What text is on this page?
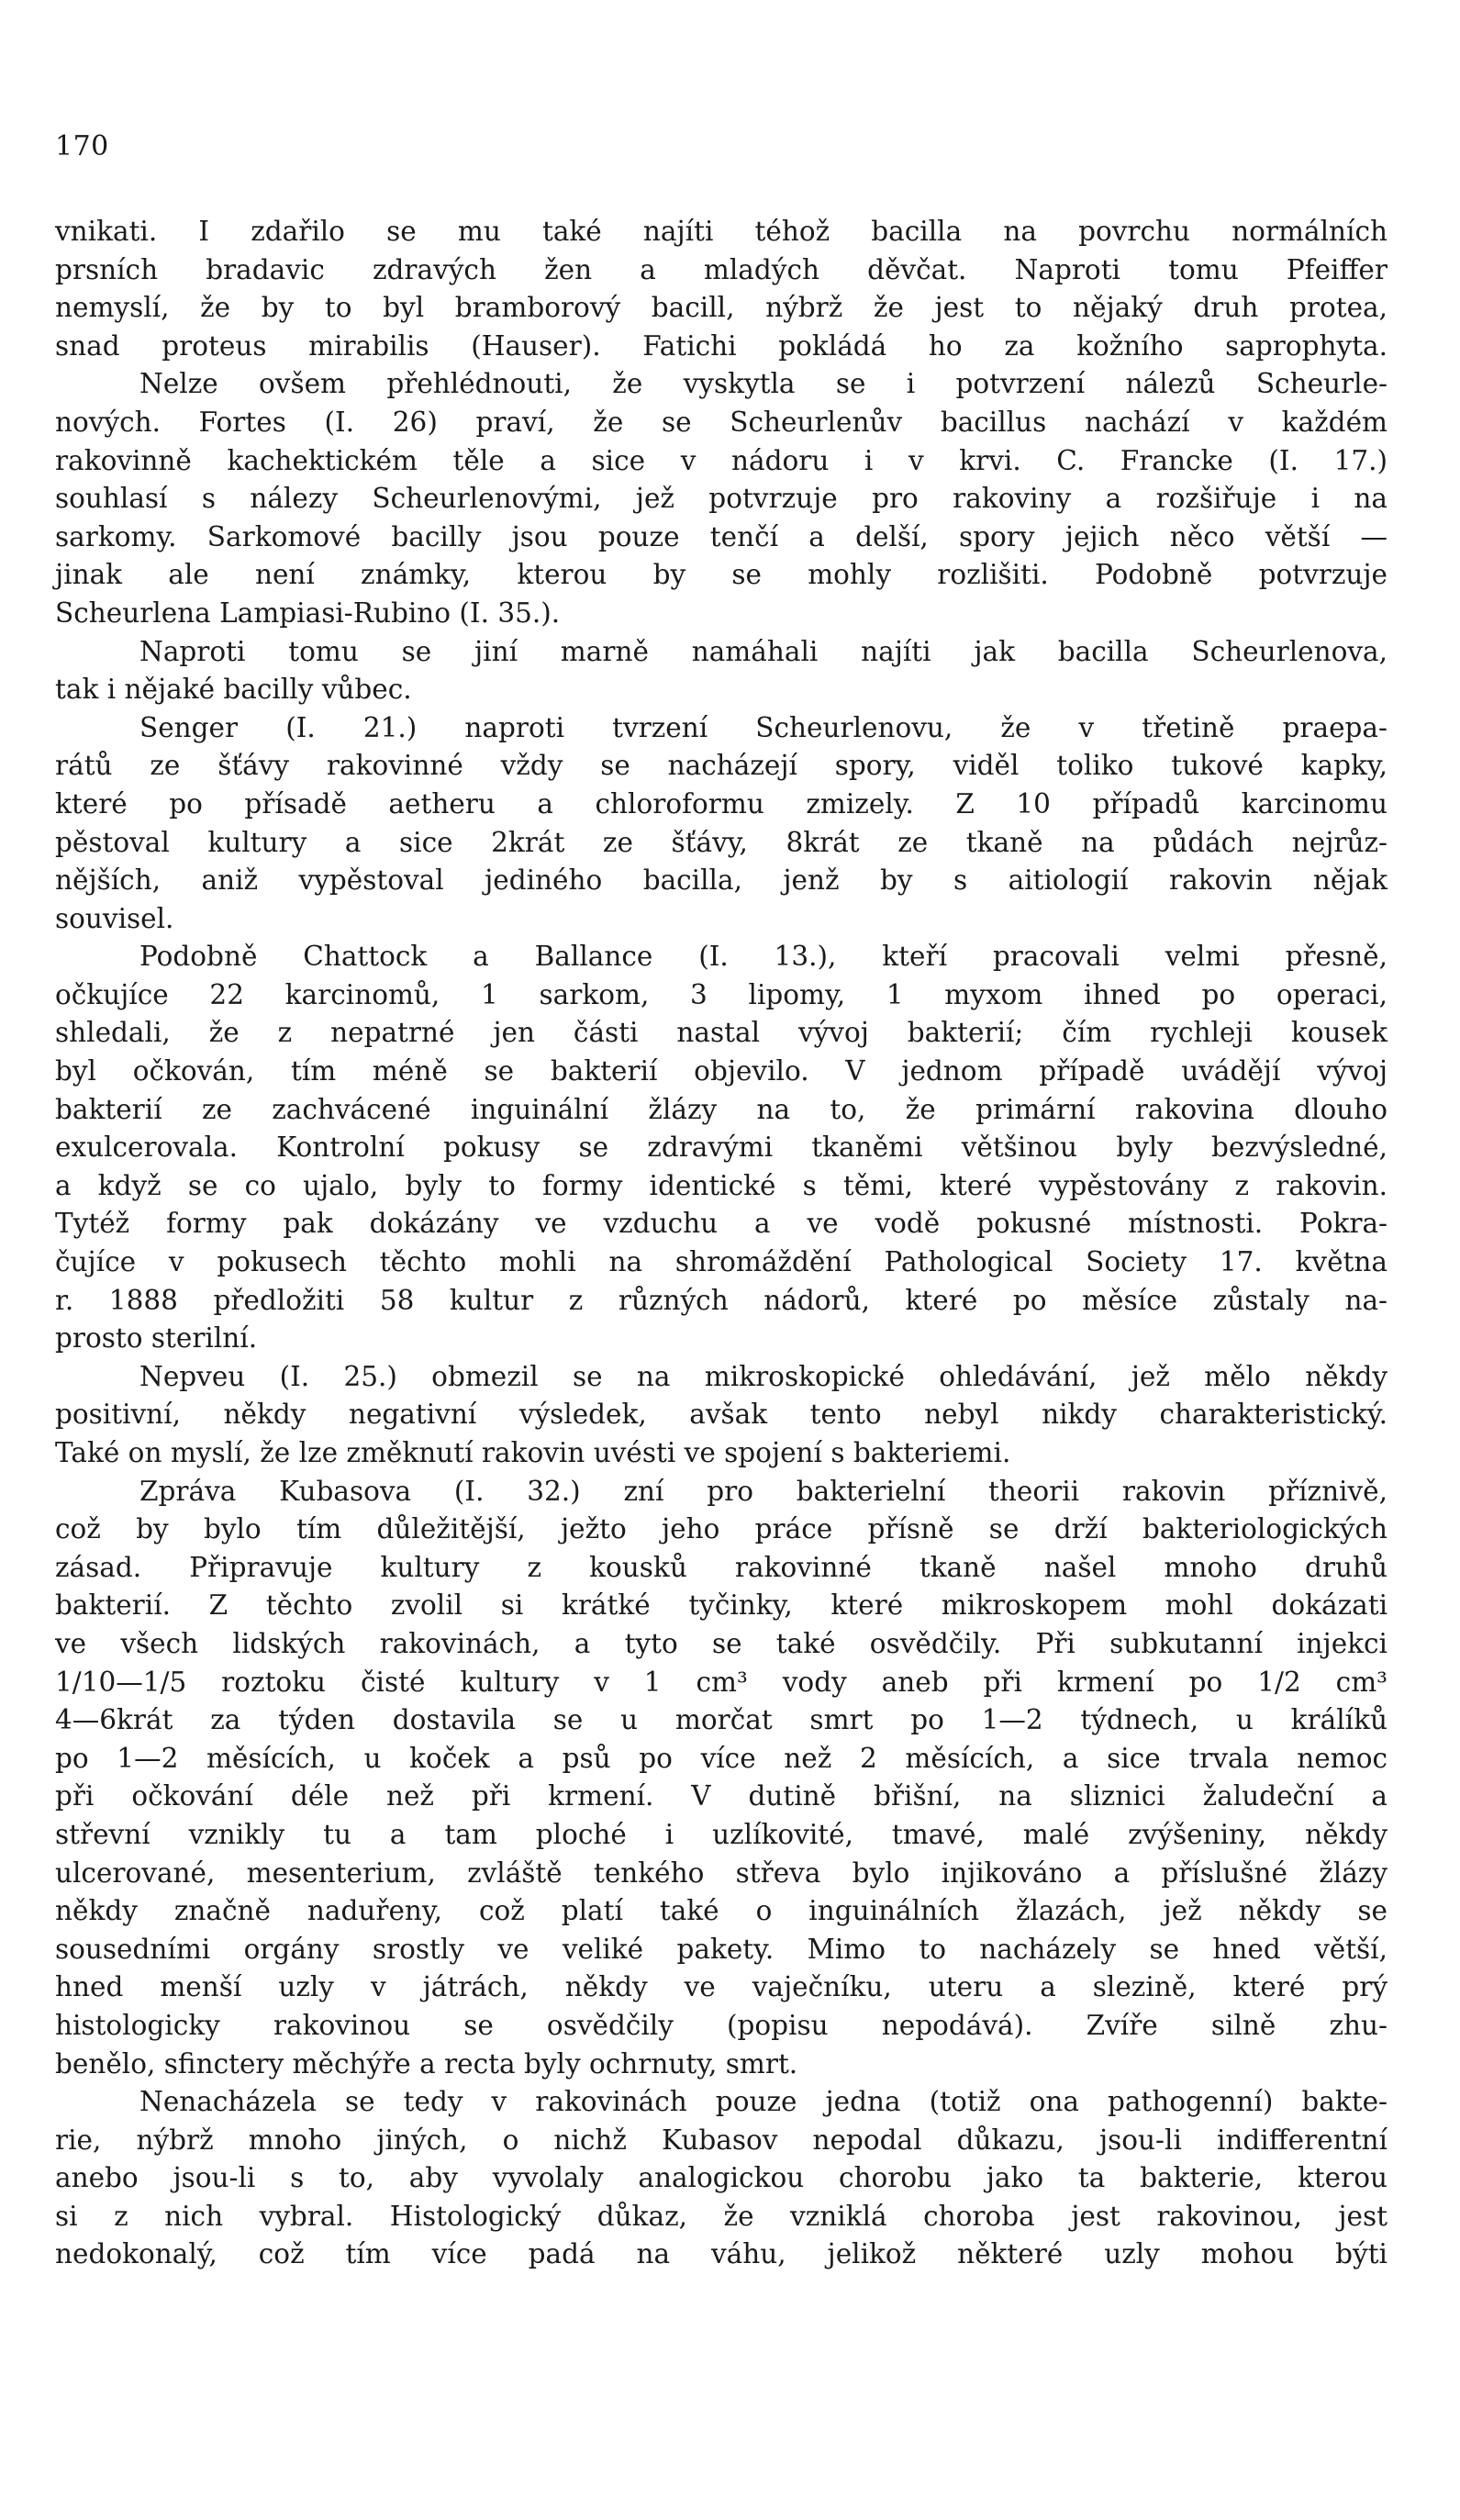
170
vnikati. I zdařilo se mu také najíti téhož bacilla na povrchu normálních
prsních bradavic zdravých žen a mladých děvčat. Naproti tomu Pfeiffer
nemyslí, že by to byl bramborový bacill, nýbrž že jest to nějaký druh protea,
snad proteus mirabilis (Hauser). Fatichi pokládá ho za kožního saprophyta.
Nelze ovšem přehlédnouti, že vyskytla se i potvrzení nálezů Scheurle-
nových. Fortes (I. 26) praví, že se Scheurlenův bacillus nachází v každém
rakovinně kachektickém těle a sice v nádoru i v krvi. C. Francke (I. 17.)
souhlasí s nálezy Scheurlenovými, jež potvrzuje pro rakoviny a rozšiřuje i na
sarkomy. Sarkomové bacilly jsou pouze tenčí a delší, spory jejich něco větší —
jinak ale není známky, kterou by se mohly rozlišiti. Podobně potvrzuje
Scheurlena Lampiasi-Rubino (I. 35.).
Naproti tomu se jiní marně namáhali najíti jak bacilla Scheurlenova,
tak i nějaké bacilly vůbec.
Senger (I. 21.) naproti tvrzení Scheurlenovu, že v třetině praepa-
rátů ze šťávy rakovinné vždy se nacházejí spory, viděl toliko tukové kapky,
které po přísadě aetheru a chloroformu zmizely. Z 10 případů karcinomu
pěstoval kultury a sice 2krát ze šťávy, 8krát ze tkaně na půdách nejrůz-
nějších, aniž vypěstoval jediného bacilla, jenž by s aitiologií rakovin nějak
souvisel.
Podobně Chattock a Ballance (I. 13.), kteří pracovali velmi přesně,
očkujíce 22 karcinomů, 1 sarkom, 3 lipomy, 1 myxom ihned po operaci,
shledali, že z nepatrné jen části nastal vývoj bakterií; čím rychleji kousek
byl očkován, tím méně se bakterií objevilo. V jednom případě uvádějí vývoj
bakterií ze zachvácené inguinální žlázy na to, že primární rakovina dlouho
exulcerovala. Kontrolní pokusy se zdravými tkaněmi většinou byly bezvýsledné,
a když se co ujalo, byly to formy identické s těmi, které vypěstovány z rakovin.
Tytéž formy pak dokázány ve vzduchu a ve vodě pokusné místnosti. Pokra-
čujíce v pokusech těchto mohli na shromáždění Pathological Society 17. května
r. 1888 předložiti 58 kultur z různých nádorů, které po měsíce zůstaly na-
prosto sterilní.
Nepveu (I. 25.) obmezil se na mikroskopické ohledávání, jež mělo někdy
positivní, někdy negativní výsledek, avšak tento nebyl nikdy charakteristický.
Také on myslí, že lze změknutí rakovin uvésti ve spojení s bakteriemi.
Zpráva Kubasova (I. 32.) zní pro bakterielní theorii rakovin příznivě,
což by bylo tím důležitější, ježto jeho práce přísně se drží bakteriologických
zásad. Připravuje kultury z kousků rakovinné tkaně našel mnoho druhů
bakterií. Z těchto zvolil si krátké tyčinky, které mikroskopem mohl dokázati
ve všech lidských rakovinách, a tyto se také osvědčily. Při subkutanní injekci
1/10—1/5 roztoku čisté kultury v 1 cm³ vody aneb při krmení po 1/2 cm³
4—6krát za týden dostavila se u morčat smrt po 1—2 týdnech, u králíků
po 1—2 měsících, u koček a psů po více než 2 měsících, a sice trvala nemoc
při očkování déle než při krmení. V dutině břišní, na sliznici žaludeční a
střevní vznikly tu a tam ploché i uzlíkovité, tmavé, malé zvýšeniny, někdy
ulcerované, mesenterium, zvláště tenkého střeva bylo injikováno a příslušné žlázy
někdy značně naduřeny, což platí také o inguinálních žlazách, jež někdy se
sousedními orgány srostly ve veliké pakety. Mimo to nacházely se hned větší,
hned menší uzly v játrách, někdy ve vaječníku, uteru a slezině, které prý
histologicky rakovinou se osvědčily (popisu nepodává). Zvíře silně zhu-
benělo, sfinctery měchýře a recta byly ochrnuty, smrt.
Nenacházela se tedy v rakovinách pouze jedna (totiž ona pathogenní) bakte-
rie, nýbrž mnoho jiných, o nichž Kubasov nepodal důkazu, jsou-li indifferentní
anebo jsou-li s to, aby vyvolaly analogickou chorobu jako ta bakterie, kterou
si z nich vybral. Histologický důkaz, že vzniklá choroba jest rakovinou, jest
nedokonalý, což tím více padá na váhu, jelikož některé uzly mohou býti
